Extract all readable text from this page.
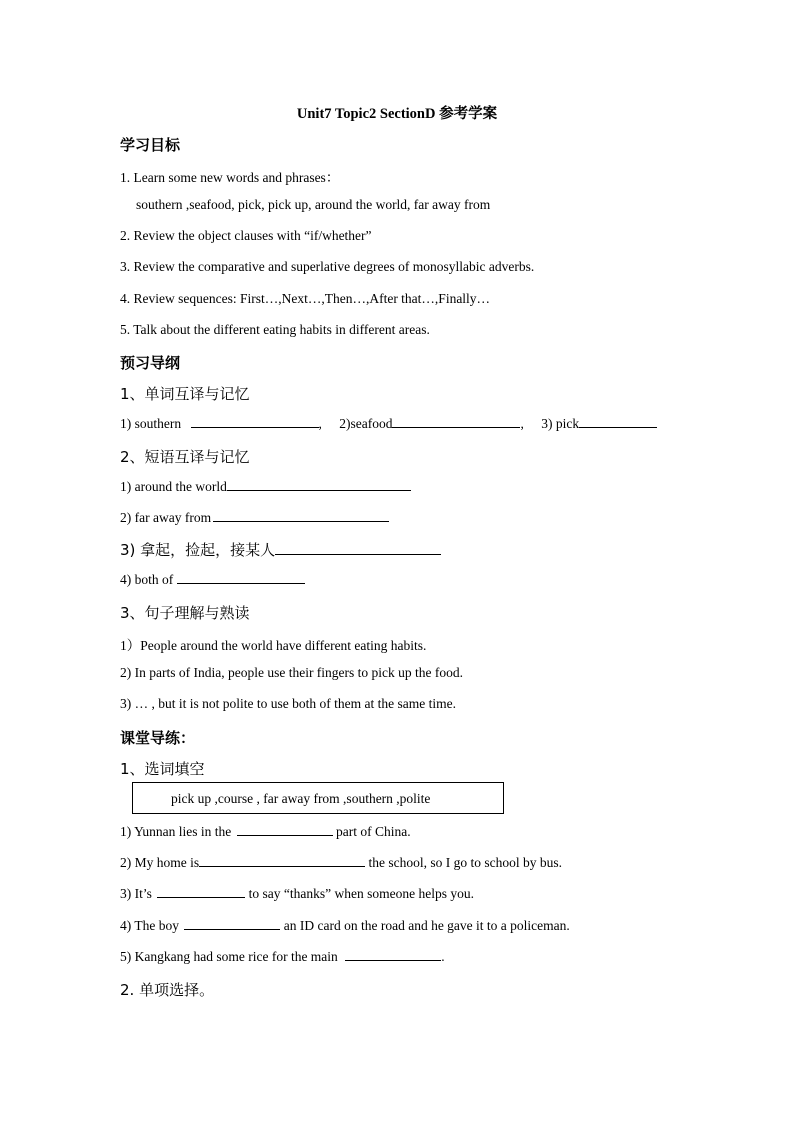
Unit7 Topic2 SectionD 参考学案
学习目标
1. Learn some new words and phrases：
southern ,seafood, pick, pick up, around the world, far away from
2. Review the object clauses with “if/whether”
3. Review the comparative and superlative degrees of monosyllabic adverbs.
4. Review sequences: First…,Next…,Then…,After that…,Finally…
5. Talk about the different eating habits in different areas.
预习导纲
1、单词互译与记忆
1) southern	, 2)seafood	, 3) pick
2、短语互译与记忆
1) around the world
2) far away from
3) 拿起，捡起，接某人
4) both of
3、句子理解与熟读
1）People around the world have different eating habits.
2) In parts of India, people use their fingers to pick up the food.
3) … , but it is not polite to use both of them at the same time.
课堂导练：
1、选词填空
pick up ,course , far away from ,southern ,polite
1) Yunnan lies in the	part of China.
2) My home is	the school, so I go to school by bus.
3) It’s	to say “thanks” when someone helps you.
4) The boy	an ID card on the road and he gave it to a policeman.
5) Kangkang had some rice for the main	.
2. 单项选择。
